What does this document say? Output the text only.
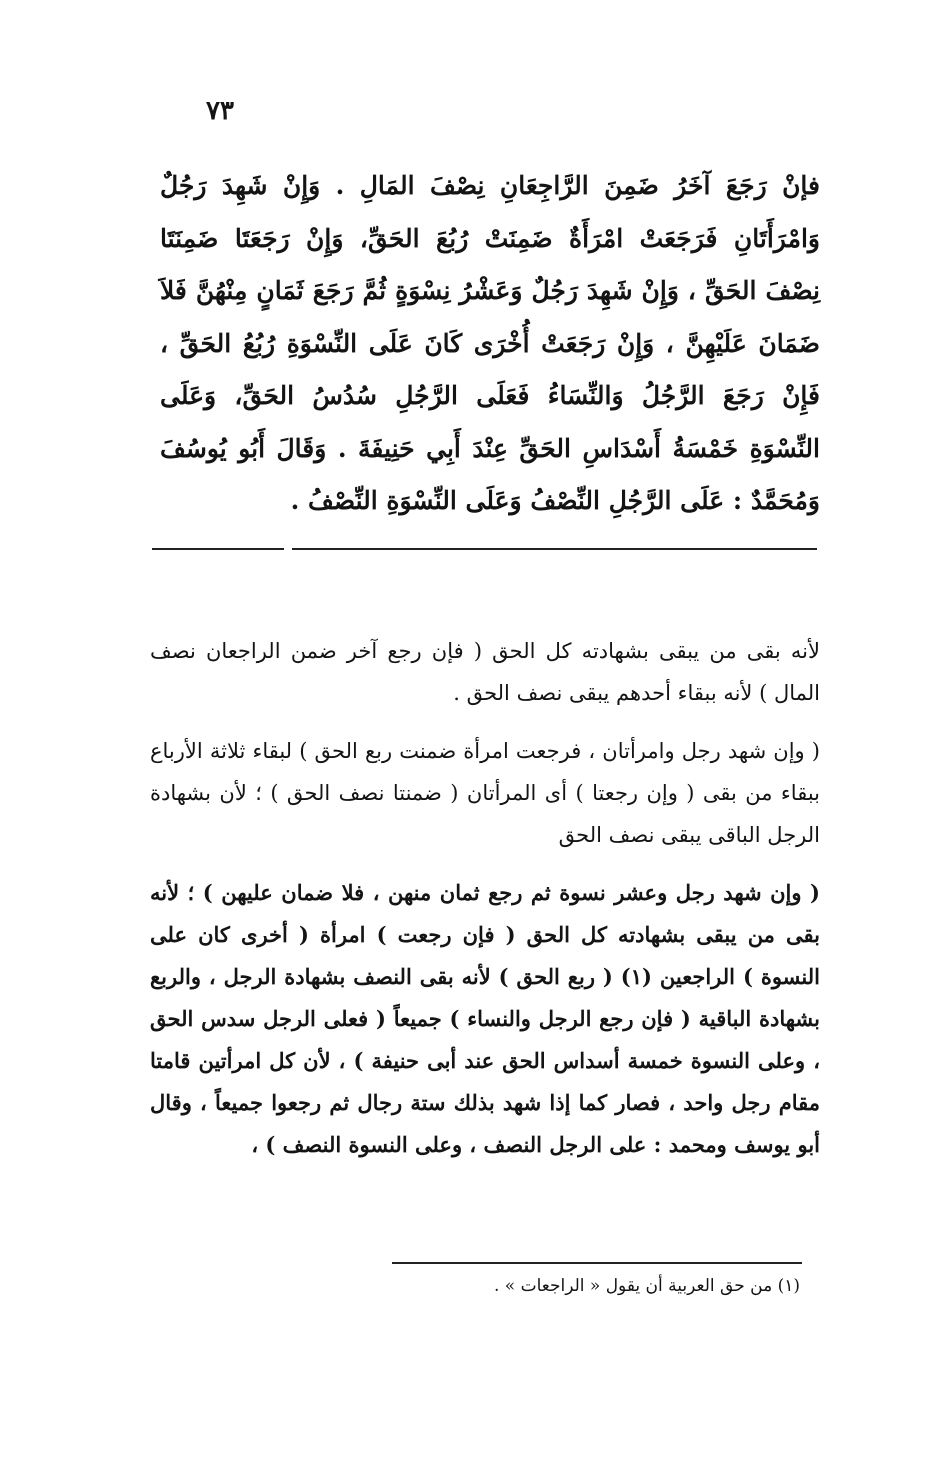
٧٣

فإنْ رَجَعَ آخَرُ ضَمِنَ الرَّاجِعَانِ نِصْفَ المَالِ . وَإِنْ شَهِدَ رَجُلٌ وَامْرَأَتَانِ فَرَجَعَتْ امْرَأَةٌ ضَمِنَتْ رُبُعَ الحَقِّ، وَإِنْ رَجَعَتَا ضَمِنَتَا نِصْفَ الحَقِّ ، وَإِنْ شَهِدَ رَجُلٌ وَعَشْرُ نِسْوَةٍ ثُمَّ رَجَعَ ثَمَانٍ مِنْهُنَّ فَلاَ ضَمَانَ عَلَيْهِنَّ ، وَإِنْ رَجَعَتْ أُخْرَى كَانَ عَلَى النِّسْوَةِ رُبُعُ الحَقِّ ، فَإِنْ رَجَعَ الرَّجُلُ وَالنِّسَاءُ فَعَلَى الرَّجُلِ سُدُسُ الحَقِّ، وَعَلَى النِّسْوَةِ خَمْسَةُ أَسْدَاسِ الحَقِّ عِنْدَ أَبِي حَنِيفَةَ . وَقَالَ أَبُو يُوسُفَ وَمُحَمَّدٌ : عَلَى الرَّجُلِ النِّصْفُ وَعَلَى النِّسْوَةِ النِّصْفُ .

لأنه بقى من يبقى بشهادته كل الحق ( فإن رجع آخر ضمن الراجعان نصف المال ) لأنه ببقاء أحدهم يبقى نصف الحق .

( وإن شهد رجل وامرأتان ، فرجعت امرأة ضمنت ربع الحق ) لبقاء ثلاثة الأرباع ببقاء من بقى ( وإن رجعتا ) أى المرأتان ( ضمنتا نصف الحق ) ؛ لأن بشهادة الرجل الباقى يبقى نصف الحق

( وإن شهد رجل وعشر نسوة ثم رجع ثمان منهن ، فلا ضمان عليهن ) ؛ لأنه بقى من يبقى بشهادته كل الحق ( فإن رجعت ) امرأة ( أخرى كان على النسوة ) الراجعين (١) ( ربع الحق ) لأنه بقى النصف بشهادة الرجل ، والربع بشهادة الباقية ( فإن رجع الرجل والنساء ) جميعاً ( فعلى الرجل سدس الحق ، وعلى النسوة خمسة أسداس الحق عند أبى حنيفة ) ، لأن كل امرأتين قامتا مقام رجل واحد ، فصار كما إذا شهد بذلك ستة رجال ثم رجعوا جميعاً ، وقال أبو يوسف ومحمد : على الرجل النصف ، وعلى النسوة النصف ) ،

(١) من حق العربية أن يقول « الراجعات » .
